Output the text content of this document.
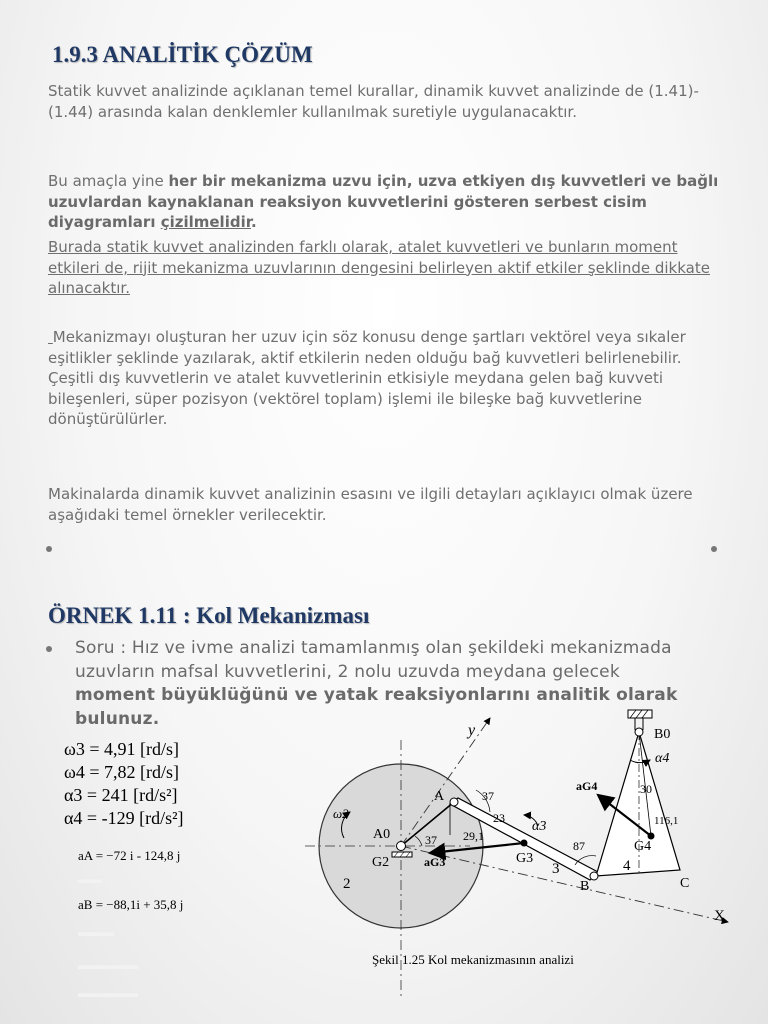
1.9.3 ANALİTİK ÇÖZÜM

Statik kuvvet analizinde açıklanan temel kurallar, dinamik kuvvet analizinde de (1.41)-(1.44) arasında kalan denklemler kullanılmak suretiyle uygulanacaktır.

Bu amaçla yine her bir mekanizma uzvu için, uzva etkiyen dış kuvvetleri ve bağlı uzuvlardan kaynaklanan reaksiyon kuvvetlerini gösteren serbest cisim diyagramları çizilmelidir.

Burada statik kuvvet analizinden farklı olarak, atalet kuvvetleri ve bunların moment etkileri de, rijit mekanizma uzuvlarının dengesini belirleyen aktif etkiler şeklinde dikkate alınacaktır.

Mekanizmayı oluşturan her uzuv için söz konusu denge şartları vektörel veya sıkaler eşitlikler şeklinde yazılarak, aktif etkilerin neden olduğu bağ kuvvetleri belirlenebilir. Çeşitli dış kuvvetlerin ve atalet kuvvetlerinin etkisiyle meydana gelen bağ kuvveti bileşenleri, süper pozisyon (vektörel toplam) işlemi ile bileşke bağ kuvvetlerine dönüştürülürler.

Makinalarda dinamik kuvvet analizinin esasını ve ilgili detayları açıklayıcı olmak üzere aşağıdaki temel örnekler verilecektir.

ÖRNEK 1.11 : Kol Mekanizması

Soru : Hız ve ivme analizi tamamlanmış olan şekildeki mekanizmada uzuvların mafsal kuvvetlerini, 2 nolu uzuvda meydana gelecek moment büyüklüğünü ve yatak reaksiyonlarını analitik olarak bulunuz.

ω3 = 4,91 [rd/s]
ω4 = 7,82 [rd/s]
α3 = 241 [rd/s²]
α4 = -129 [rd/s²]
aA = −72 i - 124,8 j
aB = −88,1i + 35,8 j
▬▬
▬▬▬
▬▬▬▬▬
▬▬▬▬▬
y
X
B0
A
A0
G2	G3
G4
B	C
2
3	4
ω2
α3
α4
aG3
aG4
37
37
23
29,1
87
30
116,1
Şekil 1.25 Kol mekanizmasının analizi
